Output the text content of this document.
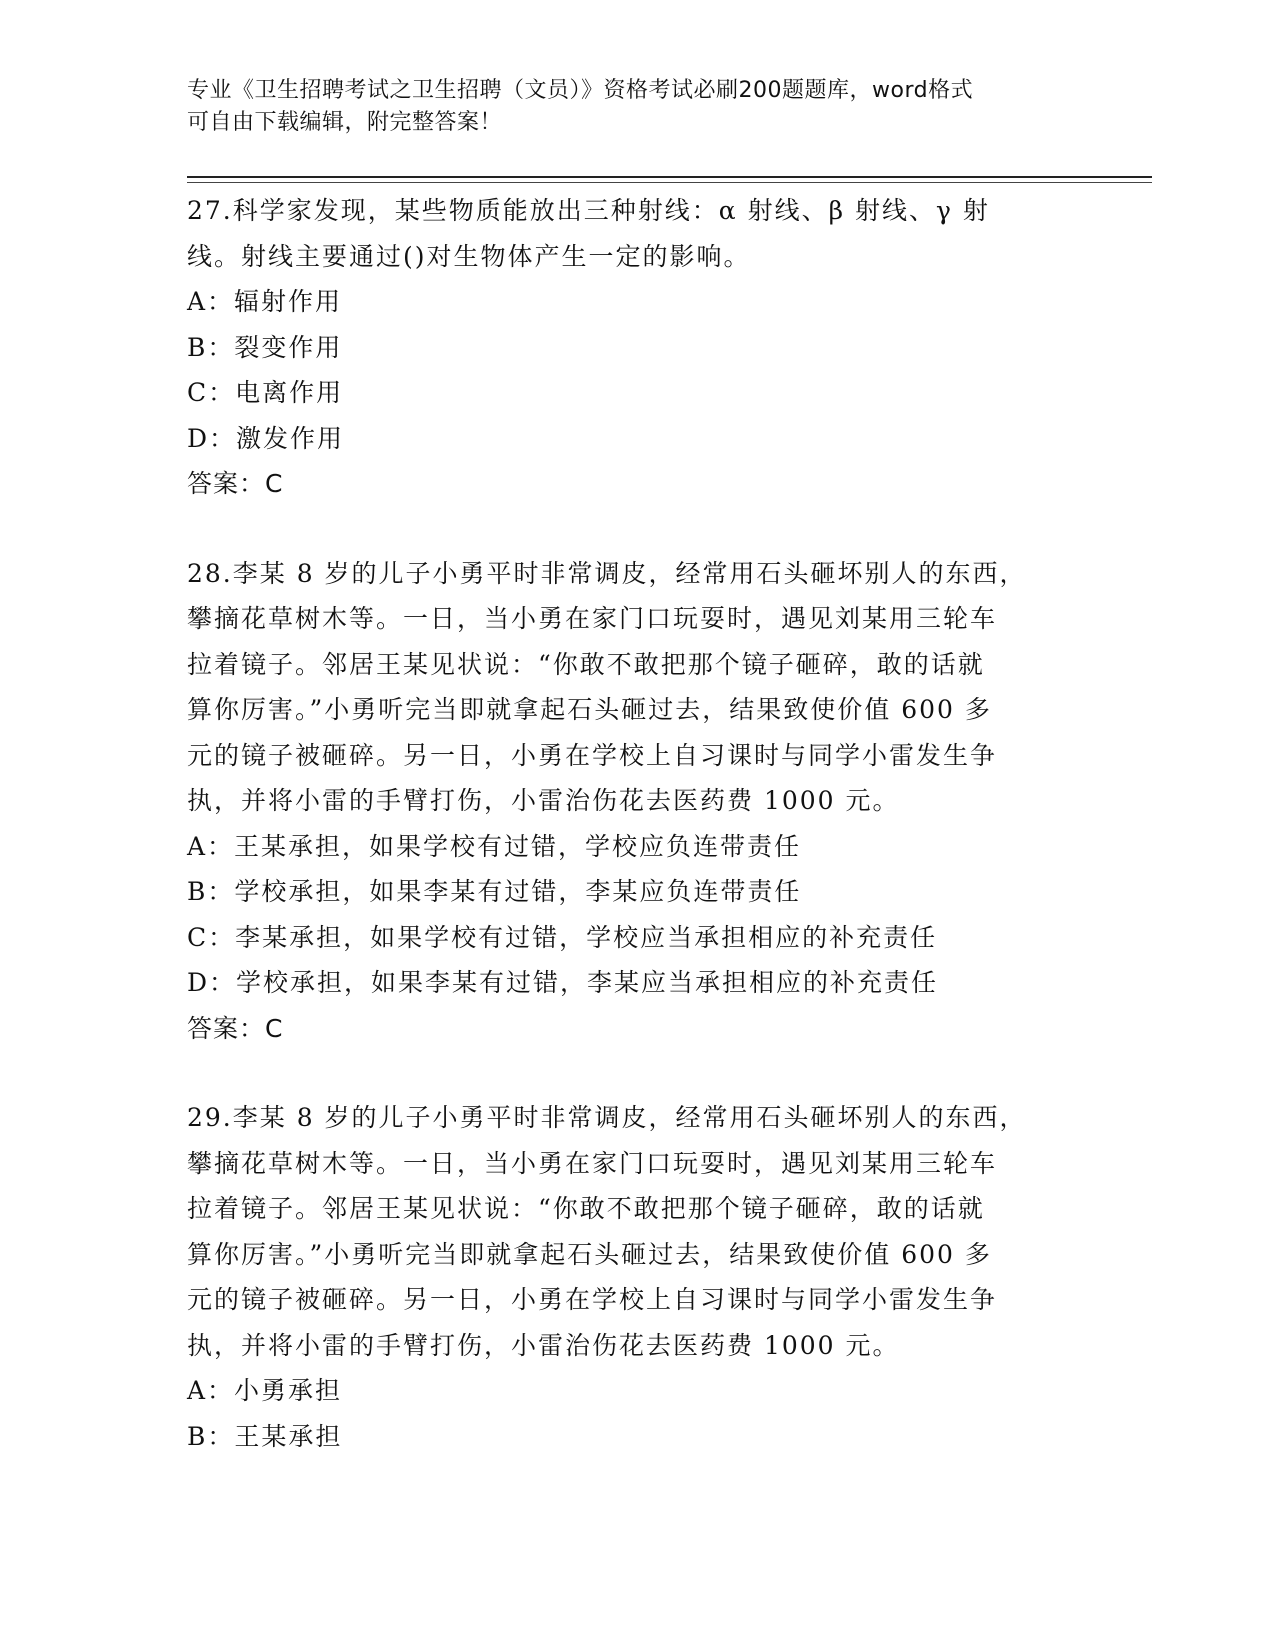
专业《卫生招聘考试之卫生招聘（文员）》资格考试必刷200题题库，word格式

可自由下载编辑，附完整答案！

27.科学家发现，某些物质能放出三种射线：α 射线、β 射线、γ 射

线。射线主要通过()对生物体产生一定的影响。

A：辐射作用

B：裂变作用

C：电离作用

D：激发作用

答案：C

28.李某 8 岁的儿子小勇平时非常调皮，经常用石头砸坏别人的东西，

攀摘花草树木等。一日，当小勇在家门口玩耍时，遇见刘某用三轮车

拉着镜子。邻居王某见状说：“你敢不敢把那个镜子砸碎，敢的话就

算你厉害。”小勇听完当即就拿起石头砸过去，结果致使价值 600 多

元的镜子被砸碎。另一日，小勇在学校上自习课时与同学小雷发生争

执，并将小雷的手臂打伤，小雷治伤花去医药费 1000 元。

A：王某承担，如果学校有过错，学校应负连带责任

B：学校承担，如果李某有过错，李某应负连带责任

C：李某承担，如果学校有过错，学校应当承担相应的补充责任

D：学校承担，如果李某有过错，李某应当承担相应的补充责任

答案：C

29.李某 8 岁的儿子小勇平时非常调皮，经常用石头砸坏别人的东西，

攀摘花草树木等。一日，当小勇在家门口玩耍时，遇见刘某用三轮车

拉着镜子。邻居王某见状说：“你敢不敢把那个镜子砸碎，敢的话就

算你厉害。”小勇听完当即就拿起石头砸过去，结果致使价值 600 多

元的镜子被砸碎。另一日，小勇在学校上自习课时与同学小雷发生争

执，并将小雷的手臂打伤，小雷治伤花去医药费 1000 元。

A：小勇承担

B：王某承担
